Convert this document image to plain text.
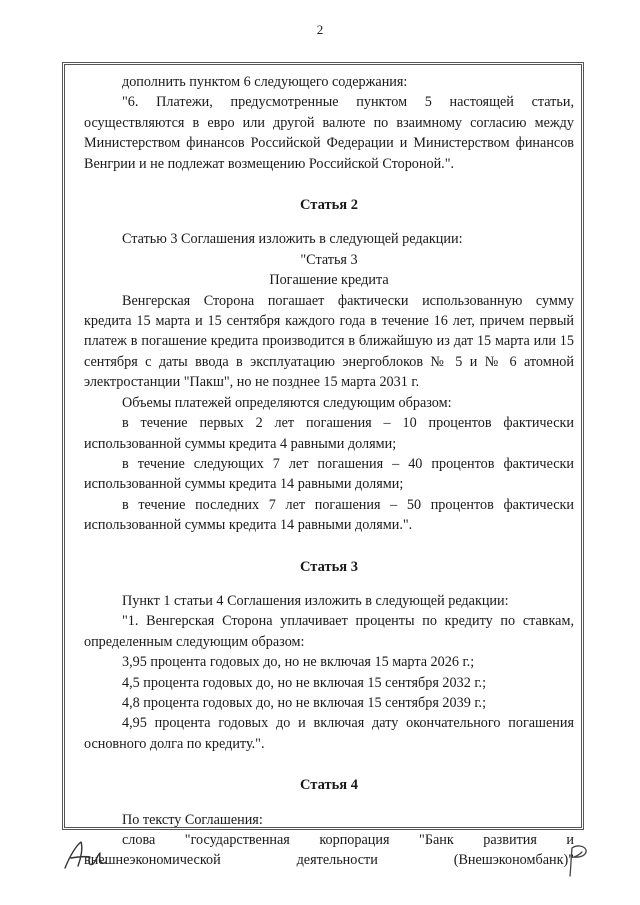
2

дополнить пунктом 6 следующего содержания:

"6. Платежи, предусмотренные пунктом 5 настоящей статьи, осуществляются в евро или другой валюте по взаимному согласию между Министерством финансов Российской Федерации и Министерством финансов Венгрии и не подлежат возмещению Российской Стороной.".

Статья 2

Статью 3 Соглашения изложить в следующей редакции:

"Статья 3

Погашение кредита

Венгерская Сторона погашает фактически использованную сумму кредита 15 марта и 15 сентября каждого года в течение 16 лет, причем первый платеж в погашение кредита производится в ближайшую из дат 15 марта или 15 сентября с даты ввода в эксплуатацию энергоблоков № 5 и № 6 атомной электростанции "Пакш", но не позднее 15 марта 2031 г.

Объемы платежей определяются следующим образом:

в течение первых 2 лет погашения – 10 процентов фактически использованной суммы кредита 4 равными долями;

в течение следующих 7 лет погашения – 40 процентов фактически использованной суммы кредита 14 равными долями;

в течение последних 7 лет погашения – 50 процентов фактически использованной суммы кредита 14 равными долями.".

Статья 3

Пункт 1 статьи 4 Соглашения изложить в следующей редакции:

"1. Венгерская Сторона уплачивает проценты по кредиту по ставкам, определенным следующим образом:

3,95 процента годовых до, но не включая 15 марта 2026 г.;

4,5 процента годовых до, но не включая 15 сентября 2032 г.;

4,8 процента годовых до, но не включая 15 сентября 2039 г.;

4,95 процента годовых до и включая дату окончательного погашения основного долга по кредиту.".

Статья 4

По тексту Соглашения:

слова "государственная корпорация "Банк развития и
внешнеэкономической	деятельности	(Внешэкономбанк)"
